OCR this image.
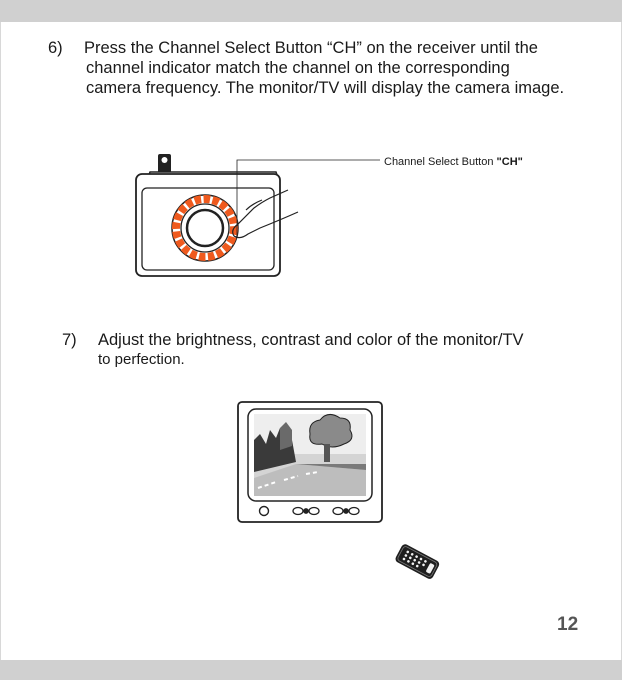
6) Press the Channel Select Button “CH” on the receiver until the
channel indicator match the channel on the corresponding
camera frequency. The monitor/TV will display the camera image.
Channel Select Button "CH"
7) Adjust the brightness, contrast and color of the monitor/TV
to perfection.
12
